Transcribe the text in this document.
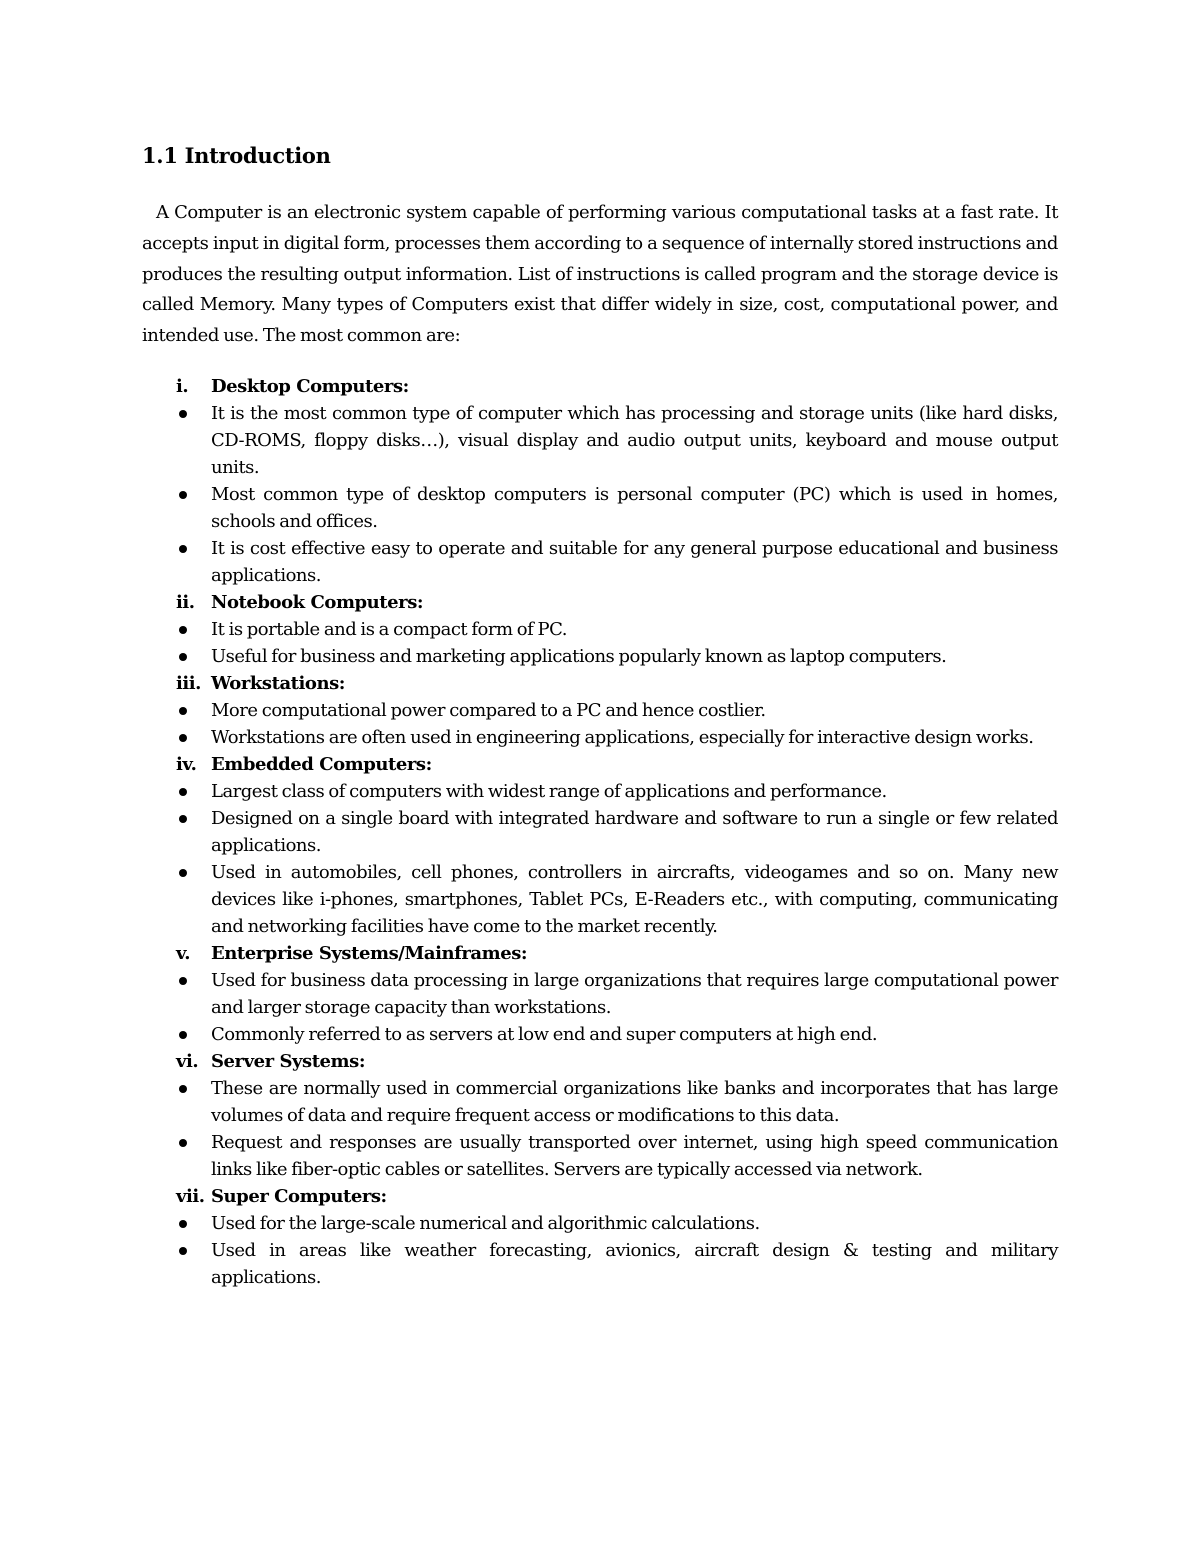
1.1 Introduction

A Computer is an electronic system capable of performing various computational tasks at a fast rate. It accepts input in digital form, processes them according to a sequence of internally stored instructions and produces the resulting output information. List of instructions is called program and the storage device is called Memory. Many types of Computers exist that differ widely in size, cost, computational power, and intended use. The most common are:

i. Desktop Computers:
It is the most common type of computer which has processing and storage units (like hard disks, CD-ROMS, floppy disks…), visual display and audio output units, keyboard and mouse output units.
Most common type of desktop computers is personal computer (PC) which is used in homes, schools and offices.
It is cost effective easy to operate and suitable for any general purpose educational and business applications.
ii. Notebook Computers:
It is portable and is a compact form of PC.
Useful for business and marketing applications popularly known as laptop computers.
iii. Workstations:
More computational power compared to a PC and hence costlier.
Workstations are often used in engineering applications, especially for interactive design works.
iv. Embedded Computers:
Largest class of computers with widest range of applications and performance.
Designed on a single board with integrated hardware and software to run a single or few related applications.
Used in automobiles, cell phones, controllers in aircrafts, videogames and so on. Many new devices like i-phones, smartphones, Tablet PCs, E-Readers etc., with computing, communicating and networking facilities have come to the market recently.
v. Enterprise Systems/Mainframes:
Used for business data processing in large organizations that requires large computational power and larger storage capacity than workstations.
Commonly referred to as servers at low end and super computers at high end.
vi. Server Systems:
These are normally used in commercial organizations like banks and incorporates that has large volumes of data and require frequent access or modifications to this data.
Request and responses are usually transported over internet, using high speed communication links like fiber-optic cables or satellites. Servers are typically accessed via network.
vii. Super Computers:
Used for the large-scale numerical and algorithmic calculations.
Used in areas like weather forecasting, avionics, aircraft design & testing and military applications.
